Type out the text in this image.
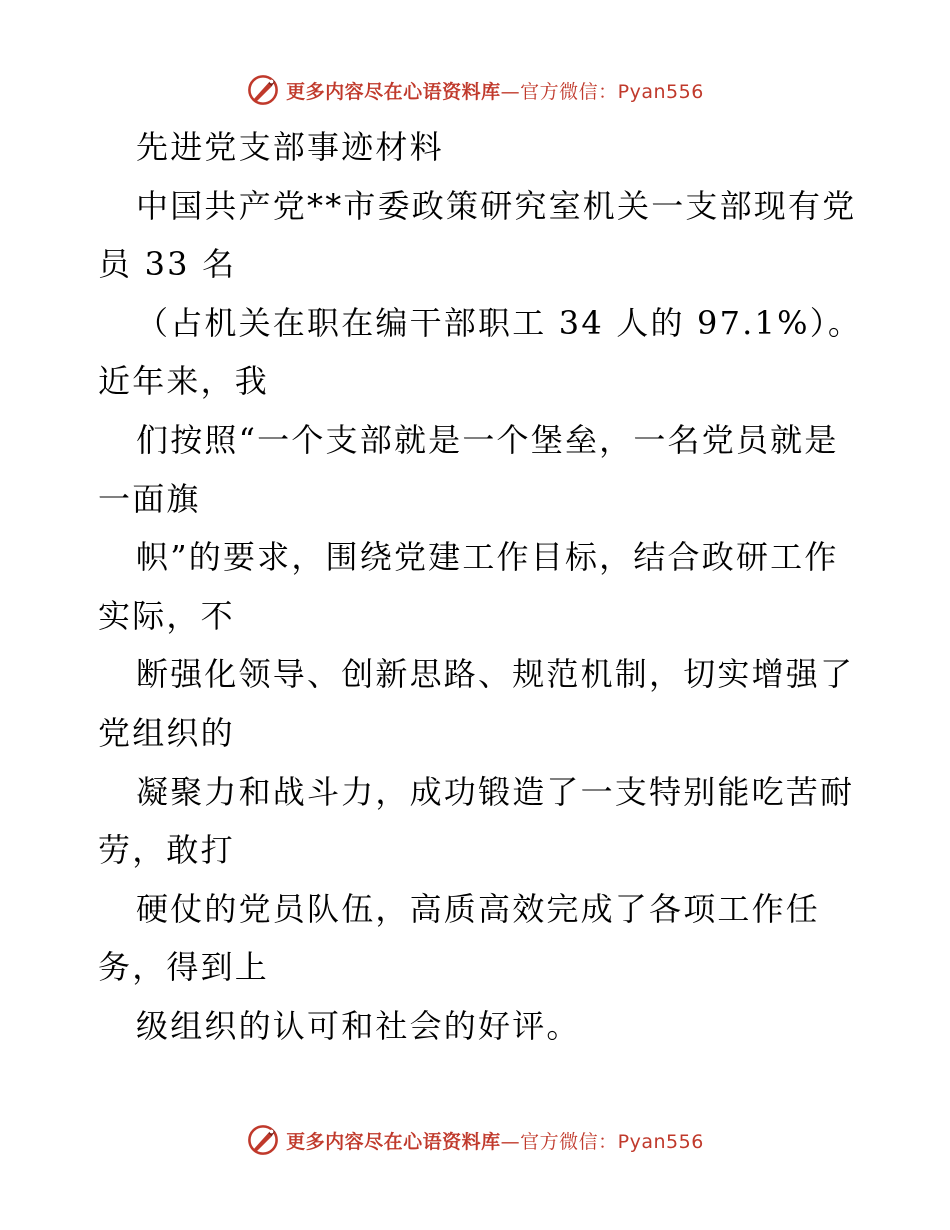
更多内容尽在心语资料库—官方微信：Pyan556
先进党支部事迹材料
中国共产党**市委政策研究室机关一支部现有党
员 33 名
（占机关在职在编干部职工 34 人的 97.1%）。
近年来，我
们按照“一个支部就是一个堡垒，一名党员就是
一面旗
帜”的要求，围绕党建工作目标，结合政研工作
实际，不
断强化领导、创新思路、规范机制，切实增强了
党组织的
凝聚力和战斗力，成功锻造了一支特别能吃苦耐
劳，敢打
硬仗的党员队伍，高质高效完成了各项工作任
务，得到上
级组织的认可和社会的好评。
更多内容尽在心语资料库—官方微信：Pyan556
